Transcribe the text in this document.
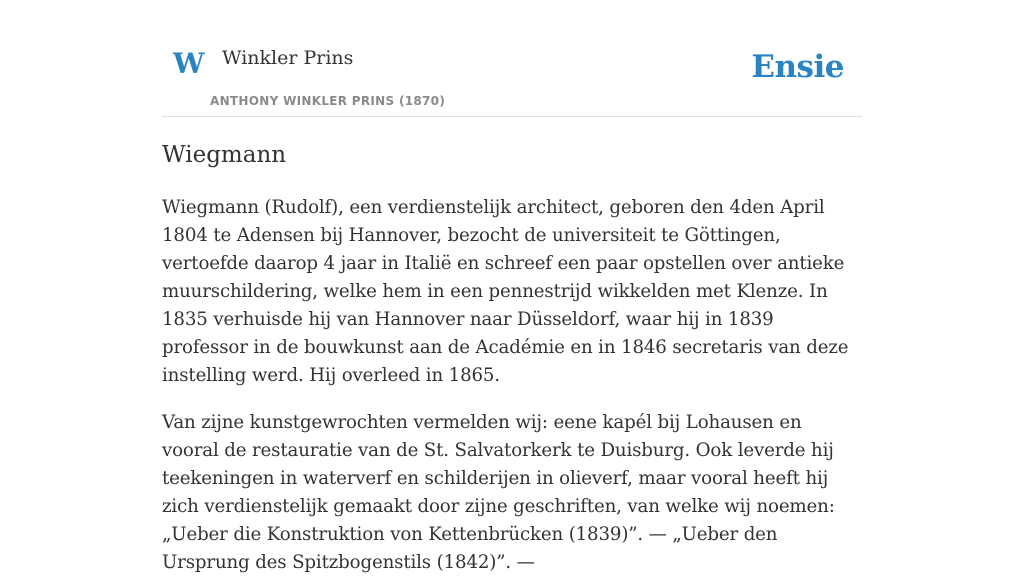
W Winkler Prins
ANTHONY WINKLER PRINS (1870)
Ensie
Wiegmann

Wiegmann (Rudolf), een verdienstelijk architect, geboren den 4den April 1804 te Adensen bij Hannover, bezocht de universiteit te Göttingen, vertoefde daarop 4 jaar in Italië en schreef een paar opstellen over antieke muurschildering, welke hem in een pennestrijd wikkelden met Klenze. In 1835 verhuisde hij van Hannover naar Düsseldorf, waar hij in 1839 professor in de bouwkunst aan de Académie en in 1846 secretaris van deze instelling werd. Hij overleed in 1865.

Van zijne kunstgewrochten vermelden wij: eene kapél bij Lohausen en vooral de restauratie van de St. Salvatorkerk te Duisburg. Ook leverde hij teekeningen in waterverf en schilderijen in olieverf, maar vooral heeft hij zich verdienstelijk gemaakt door zijne geschriften, van welke wij noemen: „Ueber die Konstruktion von Kettenbrücken (1839)”. — „Ueber den Ursprung des Spitzbogenstils (1842)”. —
